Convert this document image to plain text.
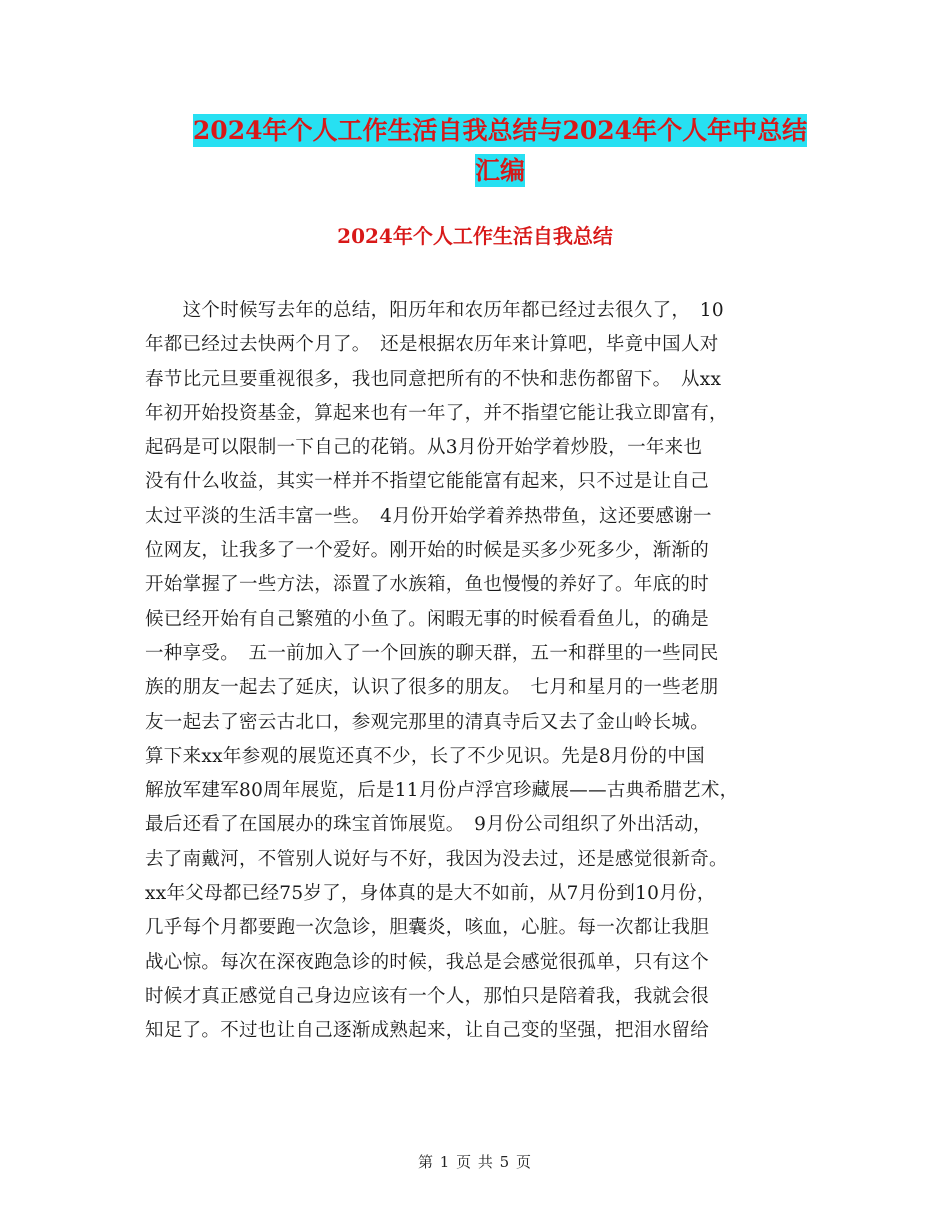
2024年个人工作生活自我总结与2024年个人年中总结
汇编
2024年个人工作生活自我总结
　　这个时候写去年的总结，阳历年和农历年都已经过去很久了，　10
年都已经过去快两个月了。　还是根据农历年来计算吧，毕竟中国人对
春节比元旦要重视很多，我也同意把所有的不快和悲伤都留下。　从xx
年初开始投资基金，算起来也有一年了，并不指望它能让我立即富有，
起码是可以限制一下自己的花销。从3月份开始学着炒股，一年来也
没有什么收益，其实一样并不指望它能能富有起来，只不过是让自己
太过平淡的生活丰富一些。　4月份开始学着养热带鱼，这还要感谢一
位网友，让我多了一个爱好。刚开始的时候是买多少死多少，渐渐的
开始掌握了一些方法，添置了水族箱，鱼也慢慢的养好了。年底的时
候已经开始有自己繁殖的小鱼了。闲暇无事的时候看看鱼儿，的确是
一种享受。　五一前加入了一个回族的聊天群，五一和群里的一些同民
族的朋友一起去了延庆，认识了很多的朋友。　七月和星月的一些老朋
友一起去了密云古北口，参观完那里的清真寺后又去了金山岭长城。
算下来xx年参观的展览还真不少，长了不少见识。先是8月份的中国
解放军建军80周年展览，后是11月份卢浮宫珍藏展——古典希腊艺术，
最后还看了在国展办的珠宝首饰展览。　9月份公司组织了外出活动，
去了南戴河，不管别人说好与不好，我因为没去过，还是感觉很新奇。
xx年父母都已经75岁了，身体真的是大不如前，从7月份到10月份，
几乎每个月都要跑一次急诊，胆囊炎，咳血，心脏。每一次都让我胆
战心惊。每次在深夜跑急诊的时候，我总是会感觉很孤单，只有这个
时候才真正感觉自己身边应该有一个人，那怕只是陪着我，我就会很
知足了。不过也让自己逐渐成熟起来，让自己变的坚强，把泪水留给
第 1 页 共 5 页
